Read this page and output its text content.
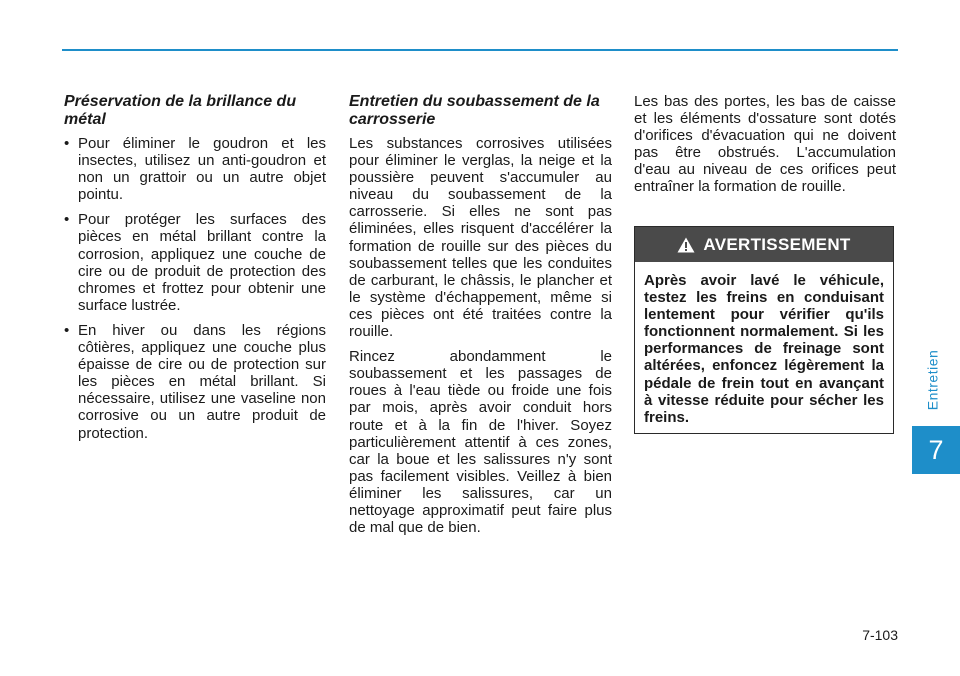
Préservation de la brillance du métal
• Pour éliminer le goudron et les insectes, utilisez un anti-goudron et non un grattoir ou un autre objet pointu.
• Pour protéger les surfaces des pièces en métal brillant contre la corrosion, appliquez une couche de cire ou de produit de protection des chromes et frottez pour obtenir une surface lustrée.
• En hiver ou dans les régions côtières, appliquez une couche plus épaisse de cire ou de protection sur les pièces en métal brillant. Si nécessaire, utilisez une vaseline non corrosive ou un autre produit de protection.
Entretien du soubassement de la carrosserie

Les substances corrosives utilisées pour éliminer le verglas, la neige et la poussière peuvent s'accumuler au niveau du soubassement de la carrosserie. Si elles ne sont pas éliminées, elles risquent d'accélérer la formation de rouille sur des pièces du soubassement telles que les conduites de carburant, le châssis, le plancher et le système d'échappement, même si ces pièces ont été traitées contre la rouille.

Rincez abondamment le soubassement et les passages de roues à l'eau tiède ou froide une fois par mois, après avoir conduit hors route et à la fin de l'hiver. Soyez particulièrement attentif à ces zones, car la boue et les salissures n'y sont pas facilement visibles. Veillez à bien éliminer les salissures, car un nettoyage approximatif peut faire plus de mal que de bien.

Les bas des portes, les bas de caisse et les éléments d'ossature sont dotés d'orifices d'évacuation qui ne doivent pas être obstrués. L'accumulation d'eau au niveau de ces orifices peut entraîner la formation de rouille.

AVERTISSEMENT
Après avoir lavé le véhicule, testez les freins en conduisant lentement pour vérifier qu'ils fonctionnent normalement. Si les performances de freinage sont altérées, enfoncez légèrement la pédale de frein tout en avançant à vitesse réduite pour sécher les freins.
Entretien
7
7-103
